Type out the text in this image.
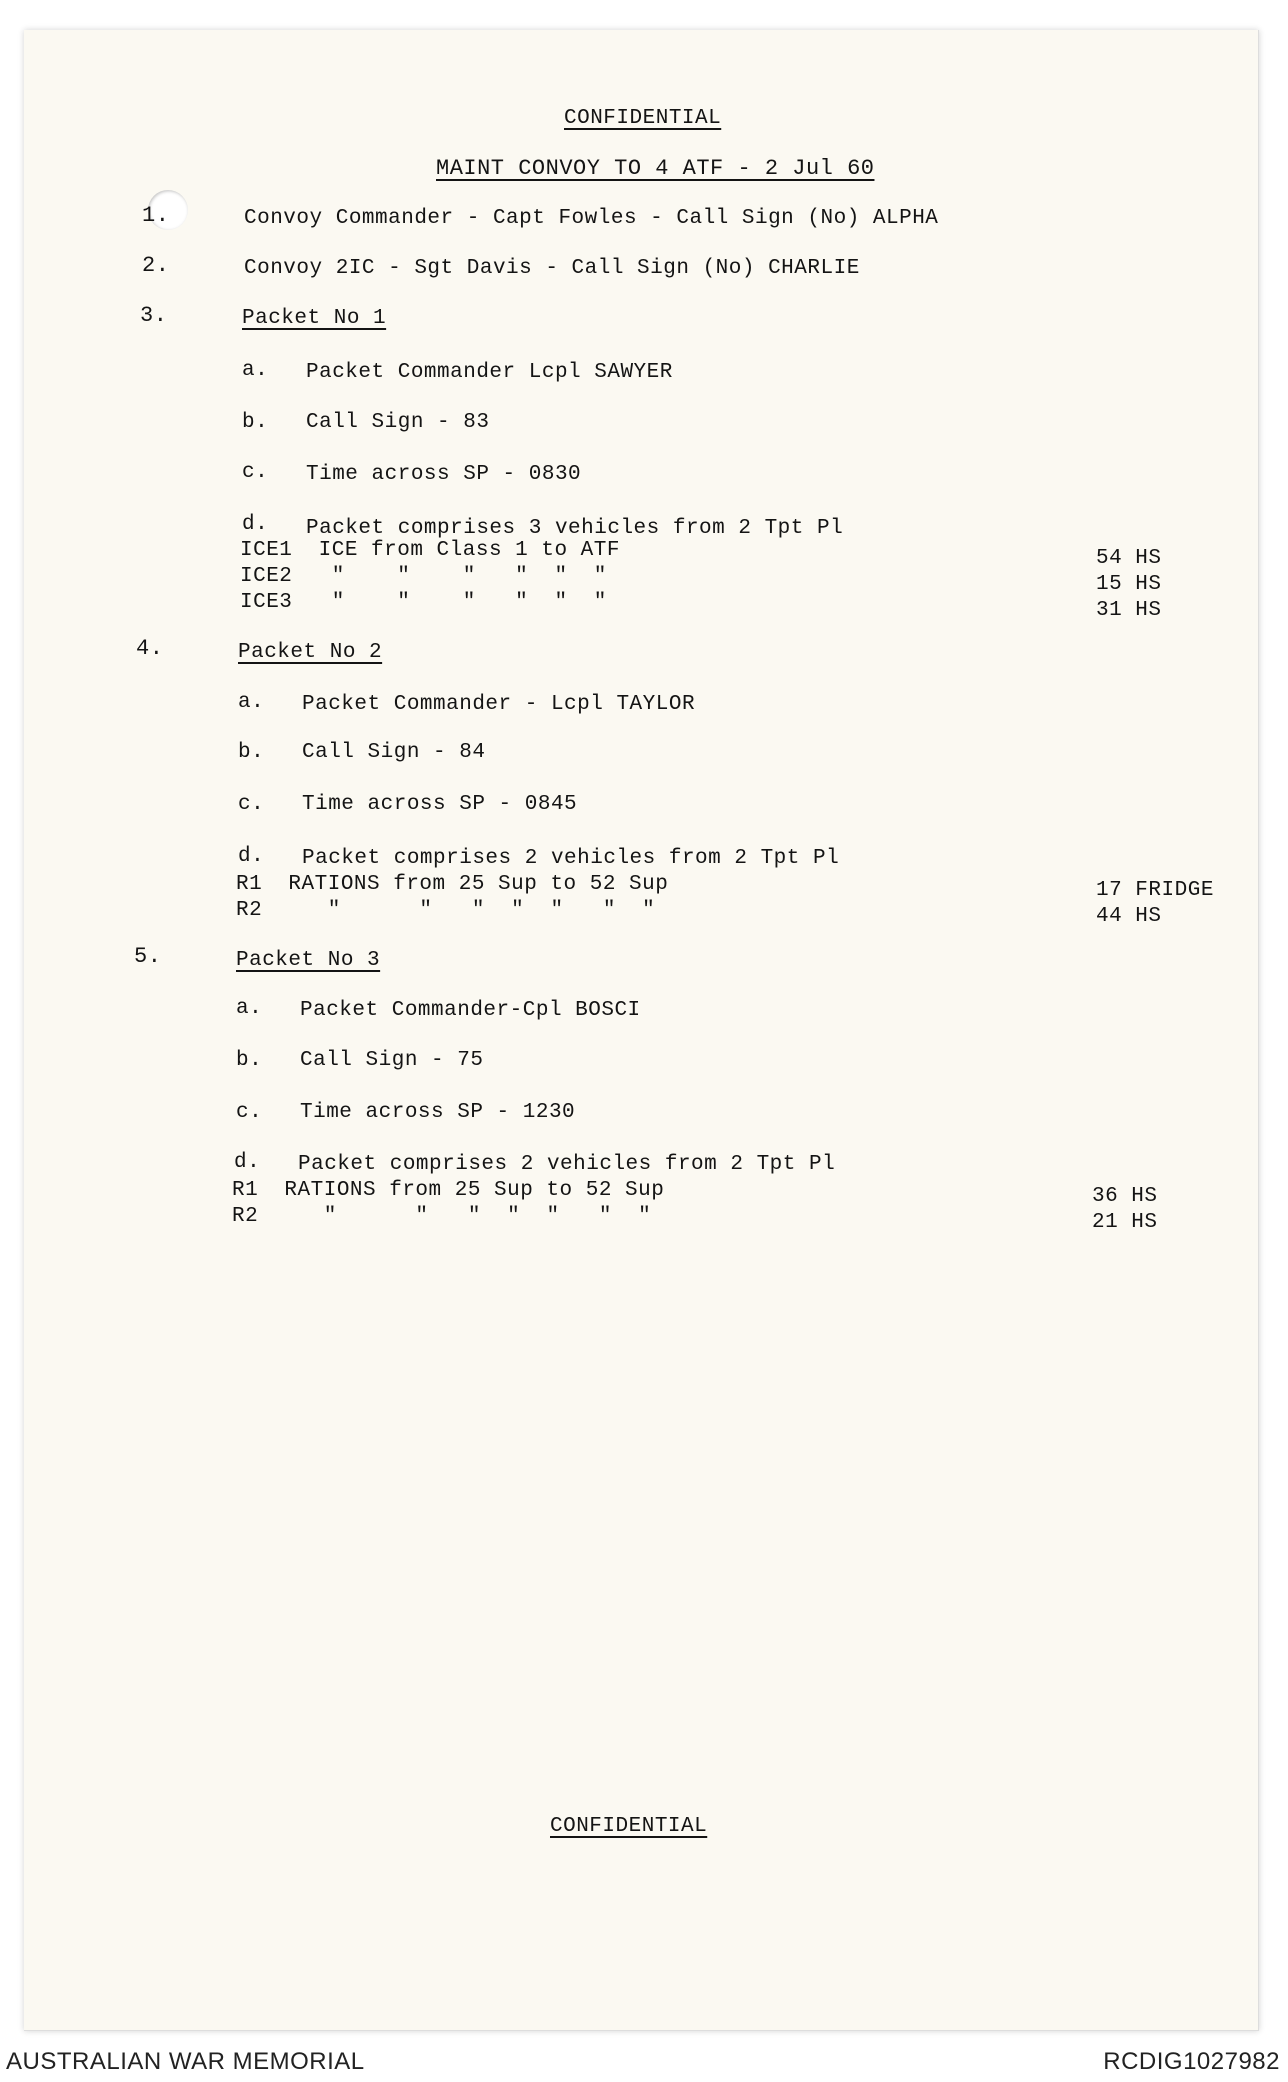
CONFIDENTIAL
MAINT CONVOY TO 4 ATF - 2 Jul 60
1.	Convoy Commander - Capt Fowles - Call Sign (No) ALPHA
2.	Convoy 2IC - Sgt Davis - Call Sign (No) CHARLIE
3.	Packet No 1
a. Packet Commander Lcpl SAWYER
b. Call Sign - 83
c. Time across SP - 0830
d. Packet comprises 3 vehicles from 2 Tpt Pl
ICE1  ICE from Class 1 to ATF	54 HS
ICE2   "    "    "   "  "  "	15 HS
ICE3   "    "    "   "  "  "	31 HS
4.	Packet No 2
a. Packet Commander - Lcpl TAYLOR
b. Call Sign - 84
c. Time across SP - 0845
d. Packet comprises 2 vehicles from 2 Tpt Pl
R1  RATIONS from 25 Sup to 52 Sup	17 FRIDGE
R2     "      "   "  "  "   "  "	44 HS
5.	Packet No 3
a. Packet Commander-Cpl BOSCI
b. Call Sign - 75
c. Time across SP - 1230
d. Packet comprises 2 vehicles from 2 Tpt Pl
R1  RATIONS from 25 Sup to 52 Sup	36 HS
R2     "      "   "  "  "   "  "	21 HS
CONFIDENTIAL
AUSTRALIAN WAR MEMORIAL	RCDIG1027982
